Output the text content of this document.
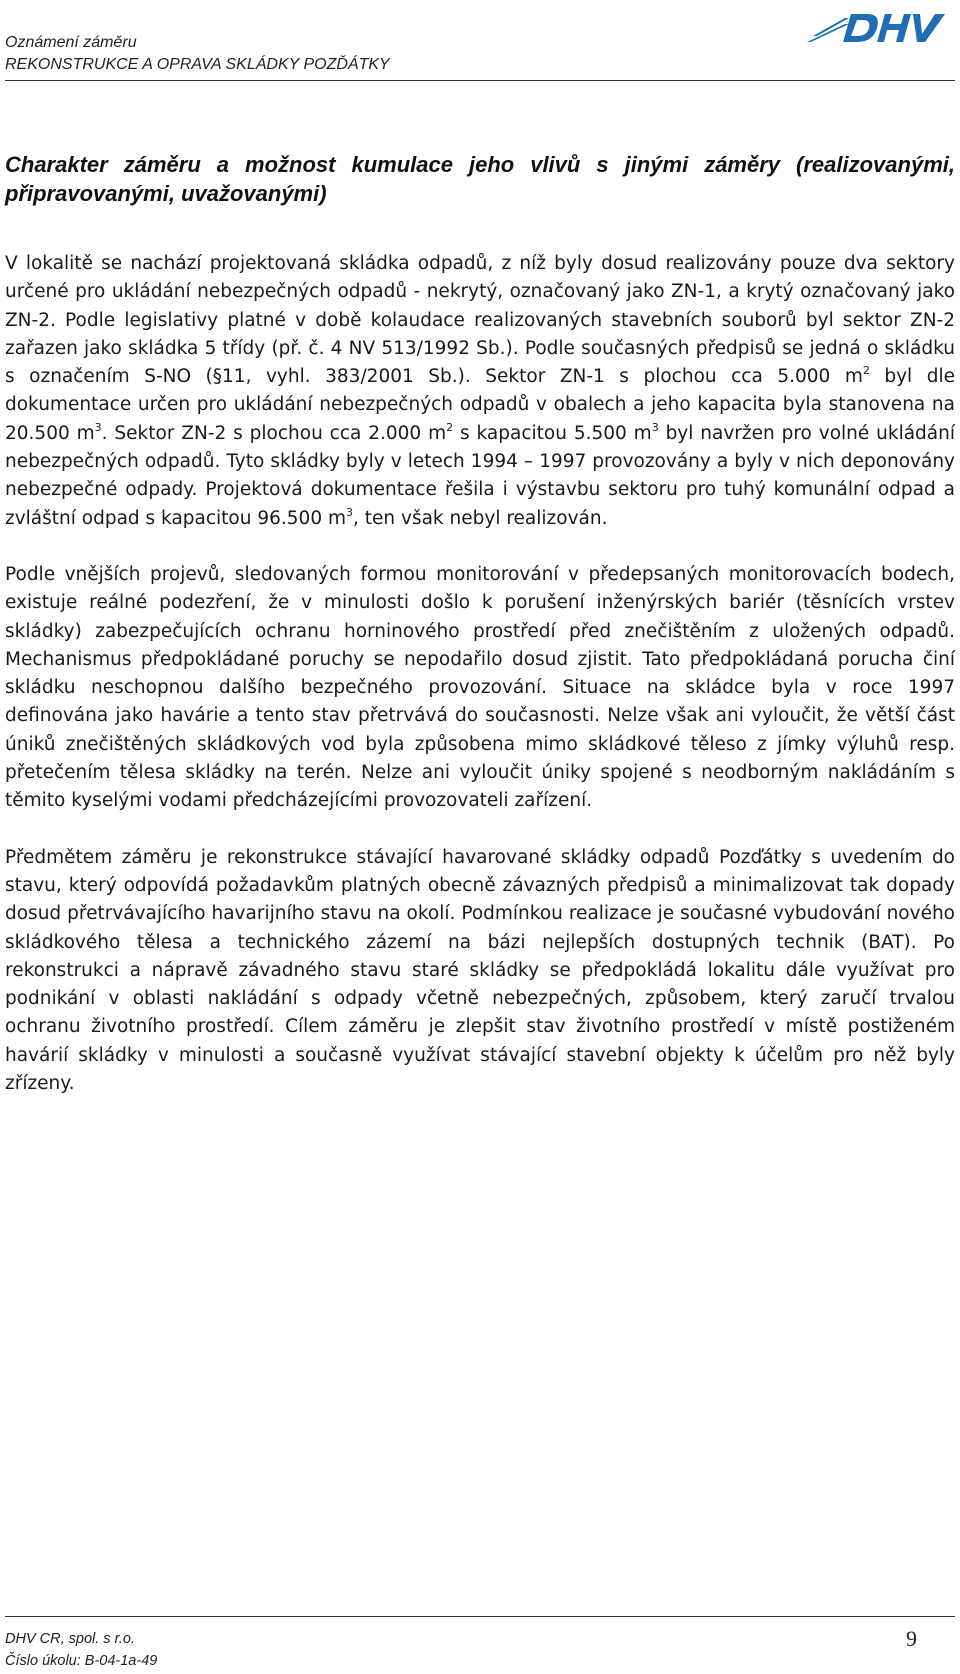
Oznámení záměru
REKONSTRUKCE A OPRAVA SKLÁDKY POZĎÁTKY
Charakter záměru a možnost kumulace jeho vlivů s jinými záměry (realizovanými, připravovanými, uvažovanými)

V lokalitě se nachází projektovaná skládka odpadů, z níž byly dosud realizovány pouze dva sektory určené pro ukládání nebezpečných odpadů - nekrytý, označovaný jako ZN-1, a krytý označovaný jako ZN-2. Podle legislativy platné v době kolaudace realizovaných stavebních souborů byl sektor ZN-2 zařazen jako skládka 5 třídy (př. č. 4 NV 513/1992 Sb.). Podle současných předpisů se jedná o skládku s označením S-NO (§11, vyhl. 383/2001 Sb.). Sektor ZN-1 s plochou cca 5.000 $m^2$ byl dle dokumentace určen pro ukládání nebezpečných odpadů v obalech a jeho kapacita byla stanovena na 20.500 $m^3$. Sektor ZN-2 s plochou cca 2.000 $m^2$ s kapacitou 5.500 $m^3$ byl navržen pro volné ukládání nebezpečných odpadů. Tyto skládky byly v letech 1994 – 1997 provozovány a byly v nich deponovány nebezpečné odpady. Projektová dokumentace řešila i výstavbu sektoru pro tuhý komunální odpad a zvláštní odpad s kapacitou 96.500 $m^3$, ten však nebyl realizován.

Podle vnějších projevů, sledovaných formou monitorování v předepsaných monitorovacích bodech, existuje reálné podezření, že v minulosti došlo k porušení inženýrských bariér (těsnících vrstev skládky) zabezpečujících ochranu horninového prostředí před znečištěním z uložených odpadů. Mechanismus předpokládané poruchy se nepodařilo dosud zjistit. Tato předpokládaná porucha činí skládku neschopnou dalšího bezpečného provozování. Situace na skládce byla v roce 1997 definována jako havárie a tento stav přetrvává do současnosti. Nelze však ani vyloučit, že větší část úniků znečištěných skládkových vod byla způsobena mimo skládkové těleso z jímky výluhů resp. přetečením tělesa skládky na terén. Nelze ani vyloučit úniky spojené s neodborným nakládáním s těmito kyselými vodami předcházejícími provozovateli zařízení.

Předmětem záměru je rekonstrukce stávající havarované skládky odpadů Pozďátky s uvedením do stavu, který odpovídá požadavkům platných obecně závazných předpisů a minimalizovat tak dopady dosud přetrvávajícího havarijního stavu na okolí. Podmínkou realizace je současné vybudování nového skládkového tělesa a technického zázemí na bázi nejlepších dostupných technik (BAT). Po rekonstrukci a nápravě závadného stavu staré skládky se předpokládá lokalitu dále využívat pro podnikání v oblasti nakládání s odpady včetně nebezpečných, způsobem, který zaručí trvalou ochranu životního prostředí. Cílem záměru je zlepšit stav životního prostředí v místě postiženém havárií skládky v minulosti a současně využívat stávající stavební objekty k účelům pro něž byly zřízeny.

DHV CR, spol. s r.o.
Číslo úkolu: B-04-1a-49
9
